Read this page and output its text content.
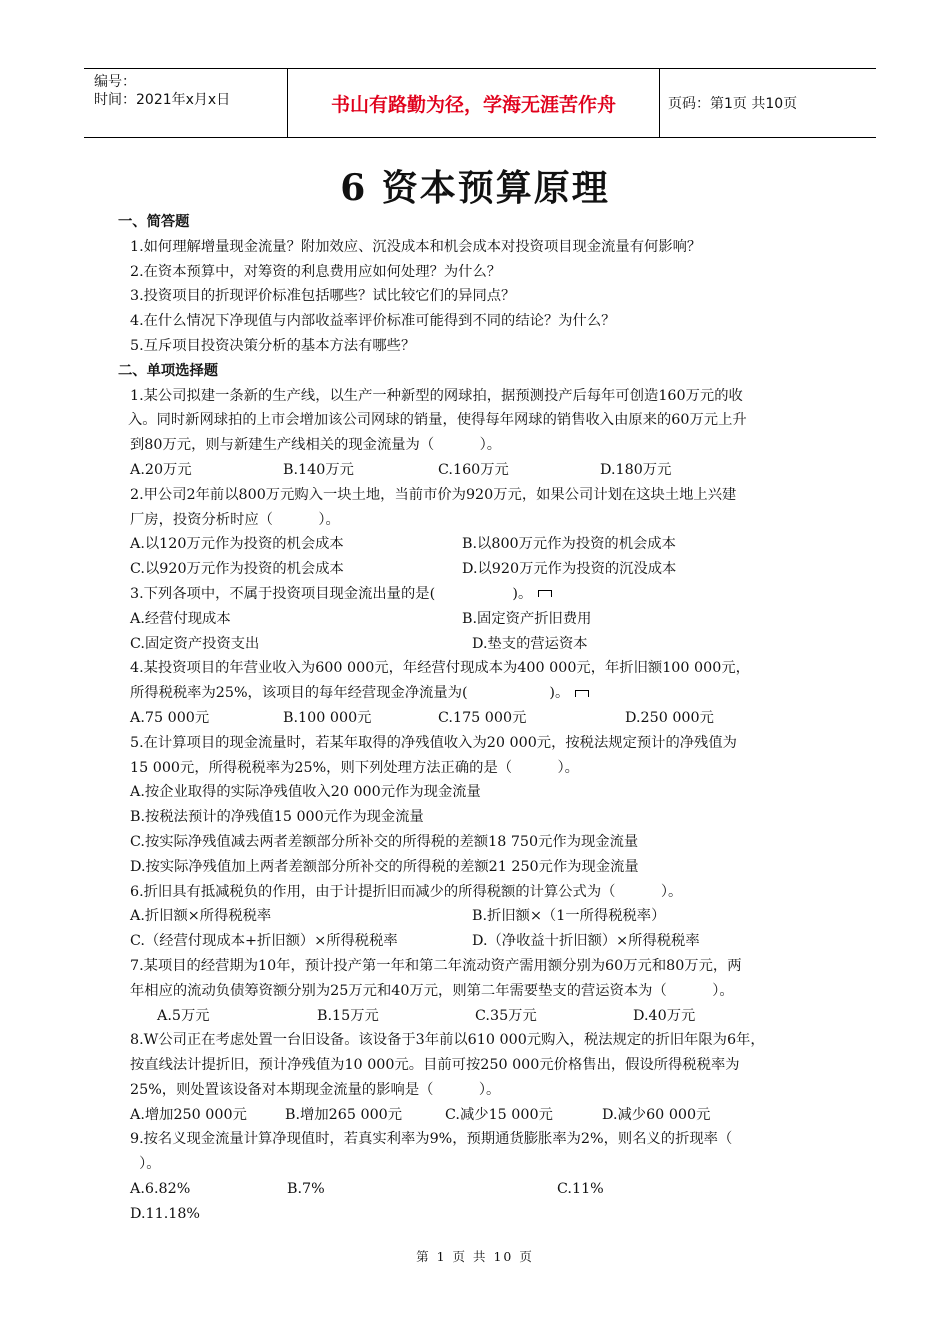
编号：
时间：2021年x月x日	书山有路勤为径，学海无涯苦作舟	页码：第1页 共10页
6 资本预算原理
一、简答题
1.如何理解增量现金流量？附加效应、沉没成本和机会成本对投资项目现金流量有何影响？
2.在资本预算中，对筹资的利息费用应如何处理？为什么？
3.投资项目的折现评价标准包括哪些？试比较它们的异同点？
4.在什么情况下净现值与内部收益率评价标准可能得到不同的结论？为什么？
5.互斥项目投资决策分析的基本方法有哪些？
二、单项选择题
1.某公司拟建一条新的生产线，以生产一种新型的网球拍，据预测投产后每年可创造160万元的收
入。同时新网球拍的上市会增加该公司网球的销量，使得每年网球的销售收入由原来的60万元上升
到80万元，则与新建生产线相关的现金流量为（          ）。
A.20万元	B.140万元	C.160万元	D.180万元
2.甲公司2年前以800万元购入一块土地，当前市价为920万元，如果公司计划在这块土地上兴建
厂房，投资分析时应（          ）。
A.以120万元作为投资的机会成本	B.以800万元作为投资的机会成本
C.以920万元作为投资的机会成本	D.以920万元作为投资的沉没成本
3.下列各项中，不属于投资项目现金流出量的是(                 )。
A.经营付现成本	B.固定资产折旧费用
C.固定资产投资支出	D.垫支的营运资本
4.某投资项目的年营业收入为600 000元，年经营付现成本为400 000元，年折旧额100 000元，
所得税税率为25%，该项目的每年经营现金净流量为(                  )。
A.75 000元	B.100 000元	C.175 000元	D.250 000元
5.在计算项目的现金流量时，若某年取得的净残值收入为20 000元，按税法规定预计的净残值为
15 000元，所得税税率为25%，则下列处理方法正确的是（          ）。
A.按企业取得的实际净残值收入20 000元作为现金流量
B.按税法预计的净残值15 000元作为现金流量
C.按实际净残值减去两者差额部分所补交的所得税的差额18 750元作为现金流量
D.按实际净残值加上两者差额部分所补交的所得税的差额21 250元作为现金流量
6.折旧具有抵减税负的作用，由于计提折旧而减少的所得税额的计算公式为（          ）。
A.折旧额×所得税税率	B.折旧额×（1一所得税税率）
C.（经营付现成本+折旧额）×所得税税率	D.（净收益十折旧额）×所得税税率
7.某项目的经营期为10年，预计投产第一年和第二年流动资产需用额分别为60万元和80万元，两
年相应的流动负债筹资额分别为25万元和40万元，则第二年需要垫支的营运资本为（          ）。
A.5万元	B.15万元	C.35万元	D.40万元
8.W公司正在考虑处置一台旧设备。该设备于3年前以610 000元购入，税法规定的折旧年限为6年，
按直线法计提折旧，预计净残值为10 000元。目前可按250 000元价格售出，假设所得税税率为
25%，则处置该设备对本期现金流量的影响是（          ）。
A.增加250 000元	B.增加265 000元	C.减少15 000元	D.减少60 000元
9.按名义现金流量计算净现值时，若真实利率为9%，预期通货膨胀率为2%，则名义的折现率（
）。
A.6.82%	B.7%	C.11%
D.11.18%
第 1 页 共 10 页
